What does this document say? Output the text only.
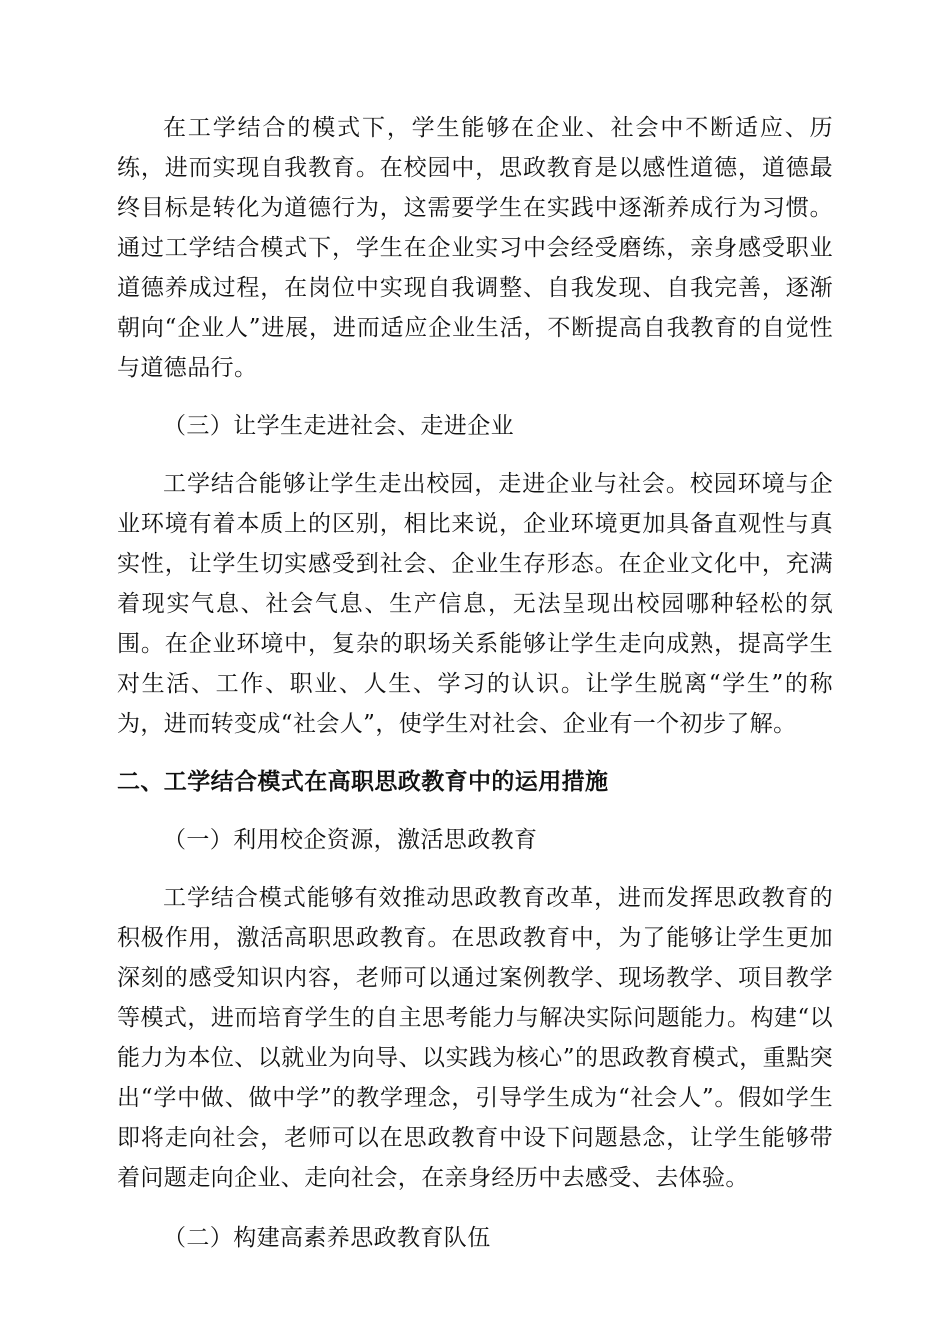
在工学结合的模式下，学生能够在企业、社会中不断适应、历练，进而实现自我教育。在校园中，思政教育是以感性道德，道德最终目标是转化为道德行为，这需要学生在实践中逐渐养成行为习惯。通过工学结合模式下，学生在企业实习中会经受磨练，亲身感受职业道德养成过程，在岗位中实现自我调整、自我发现、自我完善，逐渐朝向“企业人”进展，进而适应企业生活，不断提高自我教育的自觉性与道德品行。

（三）让学生走进社会、走进企业

工学结合能够让学生走出校园，走进企业与社会。校园环境与企业环境有着本质上的区别，相比来说，企业环境更加具备直观性与真实性，让学生切实感受到社会、企业生存形态。在企业文化中，充满着现实气息、社会气息、生产信息，无法呈现出校园哪种轻松的氛围。在企业环境中，复杂的职场关系能够让学生走向成熟，提高学生对生活、工作、职业、人生、学习的认识。让学生脱离“学生”的称为，进而转变成“社会人”，使学生对社会、企业有一个初步了解。

二、工学结合模式在高职思政教育中的运用措施

（一）利用校企资源，激活思政教育

工学结合模式能够有效推动思政教育改革，进而发挥思政教育的积极作用，激活高职思政教育。在思政教育中，为了能够让学生更加深刻的感受知识内容，老师可以通过案例教学、现场教学、项目教学等模式，进而培育学生的自主思考能力与解决实际问题能力。构建“以能力为本位、以就业为向导、以实践为核心”的思政教育模式，重點突出“学中做、做中学”的教学理念，引导学生成为“社会人”。假如学生即将走向社会，老师可以在思政教育中设下问题悬念，让学生能够带着问题走向企业、走向社会，在亲身经历中去感受、去体验。

（二）构建高素养思政教育队伍
